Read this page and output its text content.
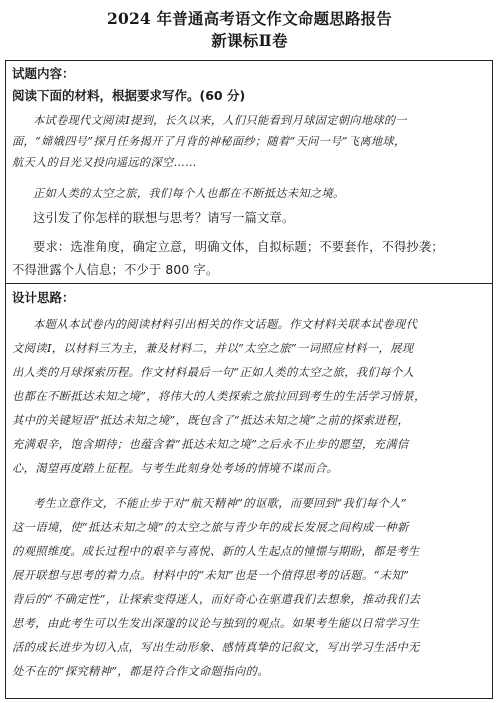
2024 年普通高考语文作文命题思路报告
新课标Ⅱ卷
试题内容：
阅读下面的材料，根据要求写作。(60 分)
本试卷现代文阅读Ⅰ提到，长久以来，人们只能看到月球固定朝向地球的一
面，“嫦娥四号”探月任务揭开了月背的神秘面纱；随着“天问一号”飞离地球，
航天人的目光又投向遥远的深空……
正如人类的太空之旅，我们每个人也都在不断抵达未知之境。
这引发了你怎样的联想与思考？请写一篇文章。
要求：选准角度，确定立意，明确文体，自拟标题；不要套作，不得抄袭；
不得泄露个人信息；不少于 800 字。
设计思路：
本题从本试卷内的阅读材料引出相关的作文话题。作文材料关联本试卷现代
文阅读Ⅰ，以材料三为主，兼及材料二，并以“太空之旅”一词照应材料一，展现
出人类的月球探索历程。作文材料最后一句“正如人类的太空之旅，我们每个人
也都在不断抵达未知之境”，将伟大的人类探索之旅拉回到考生的生活学习情景，
其中的关键短语“抵达未知之境”，既包含了“抵达未知之境”之前的探索进程，
充满艰辛，饱含期待；也蕴含着“抵达未知之境”之后永不止步的愿望，充满信
心，渴望再度踏上征程。与考生此刻身处考场的情境不谋而合。
考生立意作文，不能止步于对“航天精神”的讴歌，而要回到“我们每个人”
这一语境，使“抵达未知之境”的太空之旅与青少年的成长发展之间构成一种新
的观照维度。成长过程中的艰辛与喜悦、新的人生起点的憧憬与期盼，都是考生
展开联想与思考的着力点。材料中的“未知”也是一个值得思考的话题。“未知”
背后的“不确定性”，让探索变得迷人，而好奇心在驱遣我们去想象，推动我们去
思考，由此考生可以生发出深邃的议论与独到的观点。如果考生能以日常学习生
活的成长进步为切入点，写出生动形象、感情真挚的记叙文，写出学习生活中无
处不在的“探究精神”，都是符合作文命题指向的。
